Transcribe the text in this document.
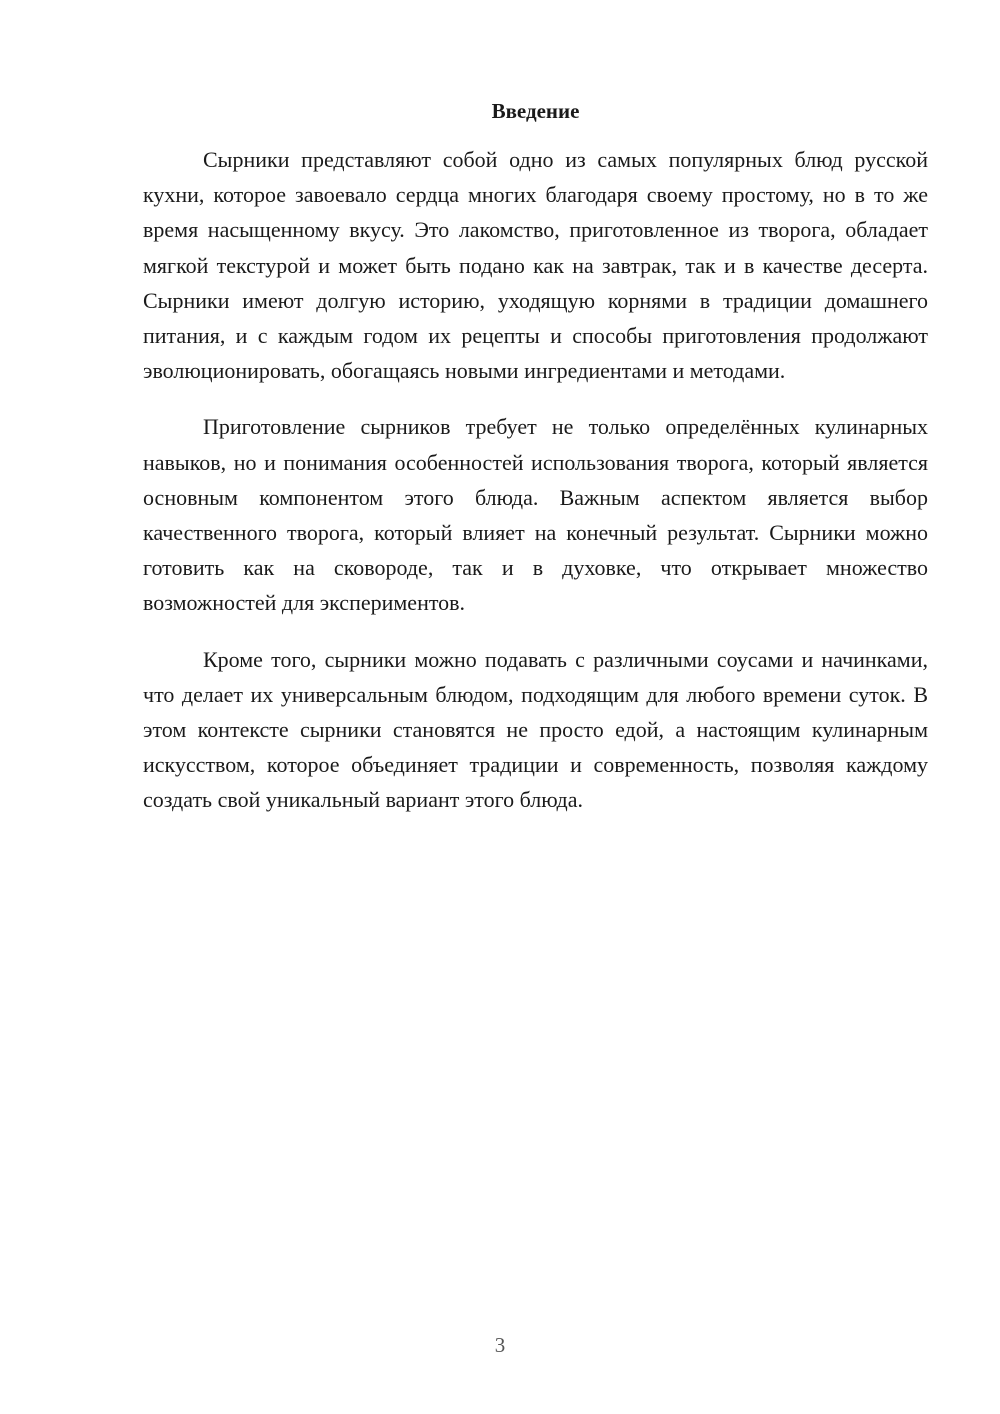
Введение

Сырники представляют собой одно из самых популярных блюд русской кухни, которое завоевало сердца многих благодаря своему простому, но в то же время насыщенному вкусу. Это лакомство, приготовленное из творога, обладает мягкой текстурой и может быть подано как на завтрак, так и в качестве десерта. Сырники имеют долгую историю, уходящую корнями в традиции домашнего питания, и с каждым годом их рецепты и способы приготовления продолжают эволюционировать, обогащаясь новыми ингредиентами и методами.

Приготовление сырников требует не только определённых кулинарных навыков, но и понимания особенностей использования творога, который является основным компонентом этого блюда. Важным аспектом является выбор качественного творога, который влияет на конечный результат. Сырники можно готовить как на сковороде, так и в духовке, что открывает множество возможностей для экспериментов.

Кроме того, сырники можно подавать с различными соусами и начинками, что делает их универсальным блюдом, подходящим для любого времени суток. В этом контексте сырники становятся не просто едой, а настоящим кулинарным искусством, которое объединяет традиции и современность, позволяя каждому создать свой уникальный вариант этого блюда.

3
